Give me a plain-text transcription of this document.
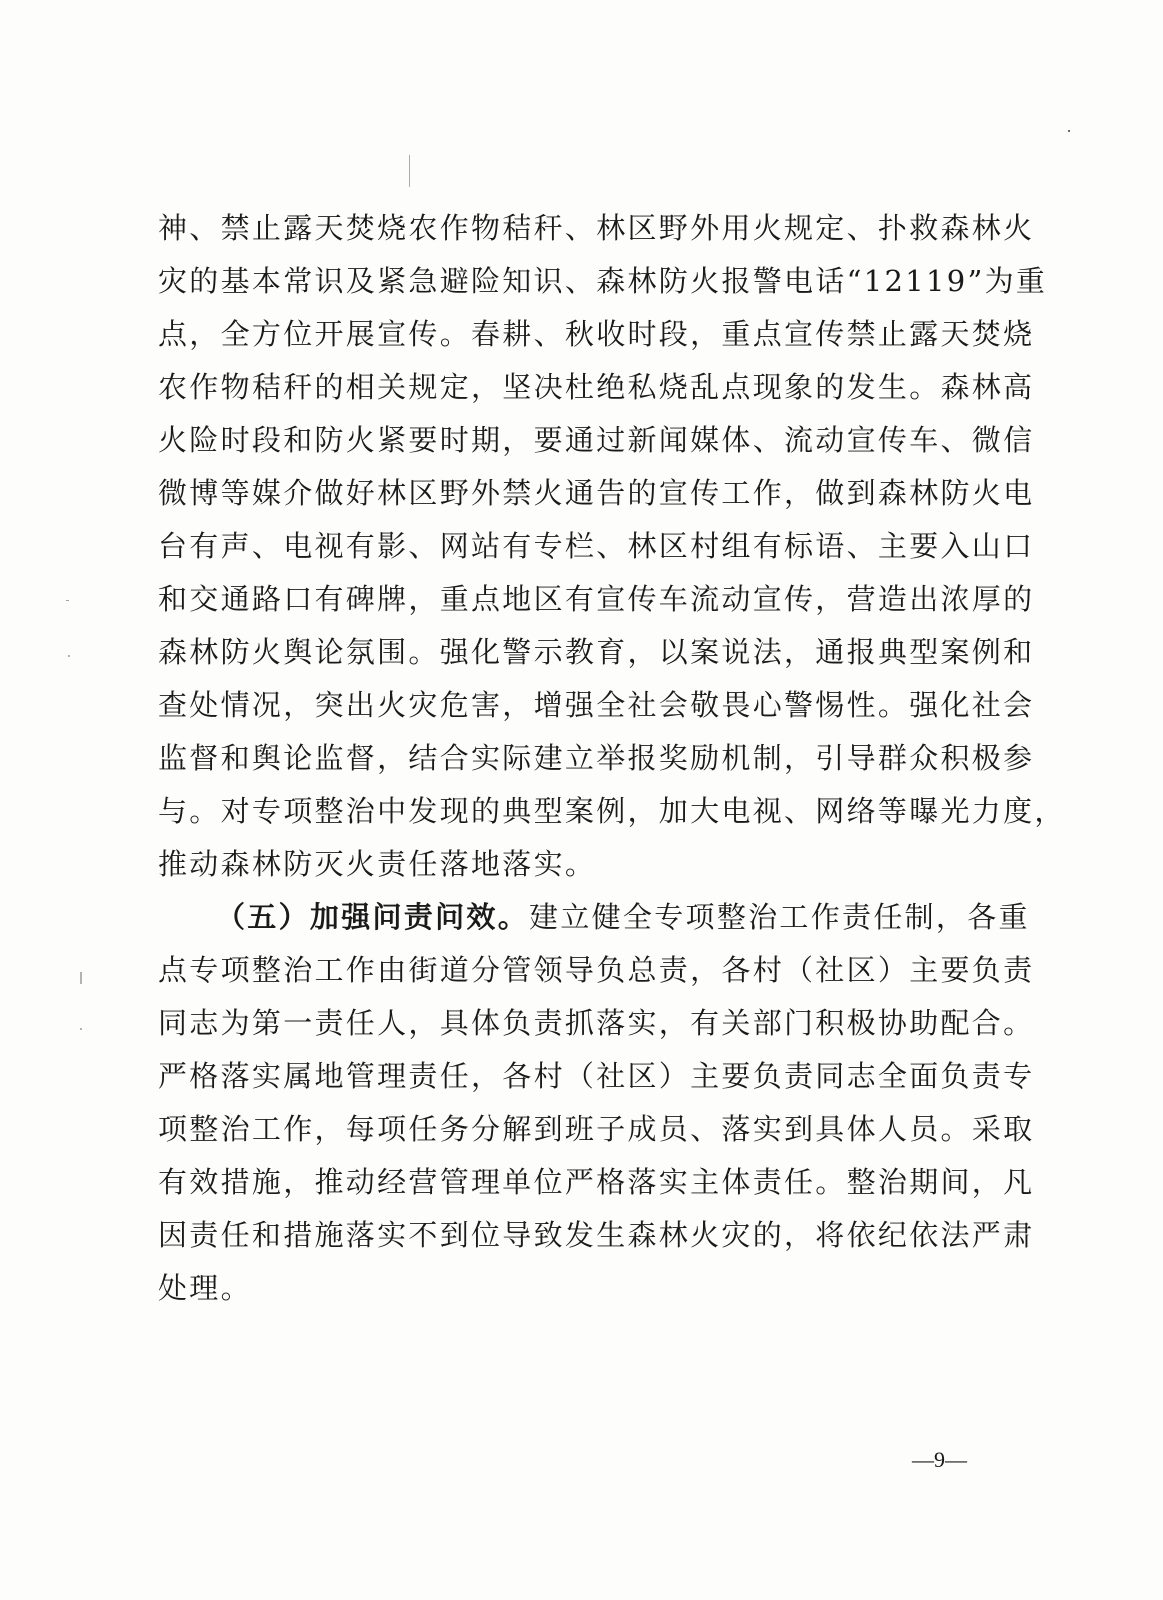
神、禁止露天焚烧农作物秸秆、林区野外用火规定、扑救森林火
灾的基本常识及紧急避险知识、森林防火报警电话“12119”为重
点，全方位开展宣传。春耕、秋收时段，重点宣传禁止露天焚烧
农作物秸秆的相关规定，坚决杜绝私烧乱点现象的发生。森林高
火险时段和防火紧要时期，要通过新闻媒体、流动宣传车、微信
微博等媒介做好林区野外禁火通告的宣传工作，做到森林防火电
台有声、电视有影、网站有专栏、林区村组有标语、主要入山口
和交通路口有碑牌，重点地区有宣传车流动宣传，营造出浓厚的
森林防火舆论氛围。强化警示教育，以案说法，通报典型案例和
查处情况，突出火灾危害，增强全社会敬畏心警惕性。强化社会
监督和舆论监督，结合实际建立举报奖励机制，引导群众积极参
与。对专项整治中发现的典型案例，加大电视、网络等曝光力度，
推动森林防灭火责任落地落实。
（五）加强问责问效。建立健全专项整治工作责任制，各重
点专项整治工作由街道分管领导负总责，各村（社区）主要负责
同志为第一责任人，具体负责抓落实，有关部门积极协助配合。
严格落实属地管理责任，各村（社区）主要负责同志全面负责专
项整治工作，每项任务分解到班子成员、落实到具体人员。采取
有效措施，推动经营管理单位严格落实主体责任。整治期间，凡
因责任和措施落实不到位导致发生森林火灾的，将依纪依法严肃
处理。
—9—
